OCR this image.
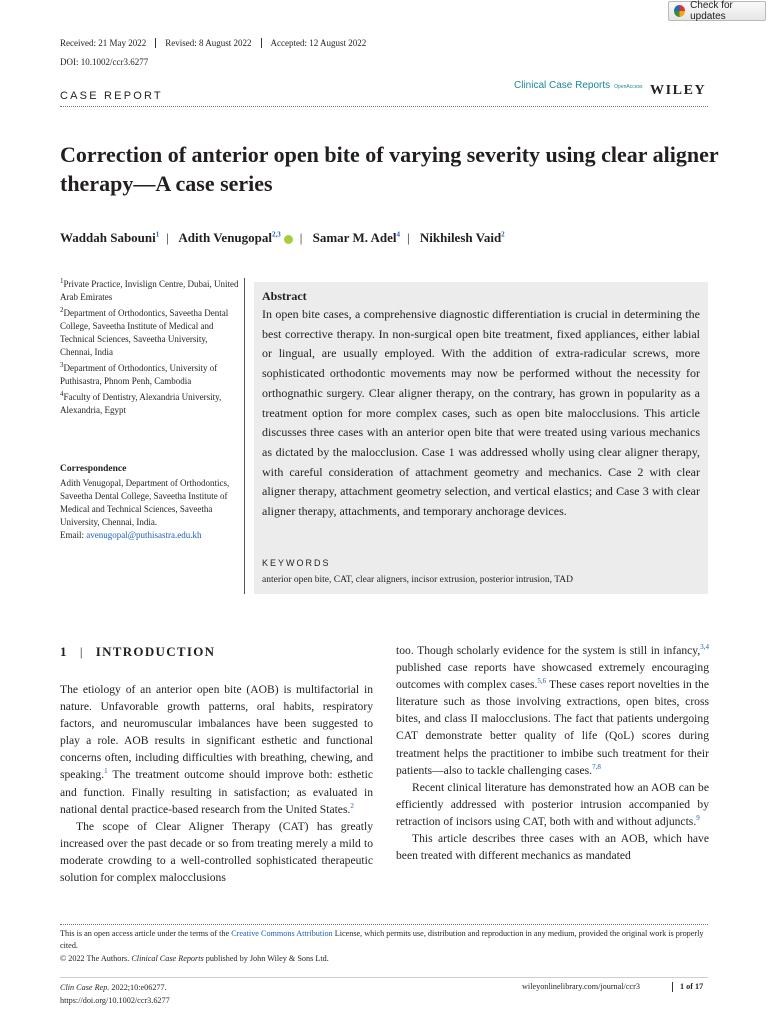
Check for updates
Received: 21 May 2022	Revised: 8 August 2022	Accepted: 12 August 2022
DOI: 10.1002/ccr3.6277
CASE REPORT
Clinical Case Reports OpenAccess WILEY
Correction of anterior open bite of varying severity using clear aligner therapy—A case series
Waddah Sabouni$^1$ | Adith Venugopal$^{2,3}$ | Samar M. Adel$^4$ | Nikhilesh Vaid$^2$
$^1$Private Practice, Invislign Centre, Dubai, United Arab Emirates
$^2$Department of Orthodontics, Saveetha Dental College, Saveetha Institute of Medical and Technical Sciences, Saveetha University, Chennai, India
$^3$Department of Orthodontics, University of Puthisastra, Phnom Penh, Cambodia
$^4$Faculty of Dentistry, Alexandria University, Alexandria, Egypt
Correspondence
Adith Venugopal, Department of Orthodontics, Saveetha Dental College, Saveetha Institute of Medical and Technical Sciences, Saveetha University, Chennai, India.
Email: avenugopal@puthisastra.edu.kh
Abstract
In open bite cases, a comprehensive diagnostic differentiation is crucial in determining the best corrective therapy. In non-surgical open bite treatment, fixed appliances, either labial or lingual, are usually employed. With the addition of extra-radicular screws, more sophisticated orthodontic movements may now be performed without the necessity for orthognathic surgery. Clear aligner therapy, on the contrary, has grown in popularity as a treatment option for more complex cases, such as open bite malocclusions. This article discusses three cases with an anterior open bite that were treated using various mechanics as dictated by the malocclusion. Case 1 was addressed wholly using clear aligner therapy, with careful consideration of attachment geometry and mechanics. Case 2 with clear aligner therapy, attachment geometry selection, and vertical elastics; and Case 3 with clear aligner therapy, attachments, and temporary anchorage devices.
KEYWORDS
anterior open bite, CAT, clear aligners, incisor extrusion, posterior intrusion, TAD
1 | INTRODUCTION

The etiology of an anterior open bite (AOB) is multifactorial in nature. Unfavorable growth patterns, oral habits, respiratory factors, and neuromuscular imbalances have been suggested to play a role. AOB results in significant esthetic and functional concerns often, including difficulties with breathing, chewing, and speaking.$^1$ The treatment outcome should improve both: esthetic and function. Finally resulting in satisfaction; as evaluated in national dental practice-based research from the United States.$^2$

The scope of Clear Aligner Therapy (CAT) has greatly increased over the past decade or so from treating merely a mild to moderate crowding to a well-controlled sophisticated therapeutic solution for complex malocclusions

too. Though scholarly evidence for the system is still in infancy,$^{3,4}$ published case reports have showcased extremely encouraging outcomes with complex cases.$^{5,6}$ These cases report novelties in the literature such as those involving extractions, open bites, cross bites, and class II malocclusions. The fact that patients undergoing CAT demonstrate better quality of life (QoL) scores during treatment helps the practitioner to imbibe such treatment for their patients—also to tackle challenging cases.$^{7,8}$

Recent clinical literature has demonstrated how an AOB can be efficiently addressed with posterior intrusion accompanied by retraction of incisors using CAT, both with and without adjuncts.$^9$

This article describes three cases with an AOB, which have been treated with different mechanics as mandated

This is an open access article under the terms of the Creative Commons Attribution License, which permits use, distribution and reproduction in any medium, provided the original work is properly cited.
© 2022 The Authors. Clinical Case Reports published by John Wiley & Sons Ltd.
Clin Case Rep. 2022;10:e06277.
https://doi.org/10.1002/ccr3.6277
wileyonlinelibrary.com/journal/ccr3	1 of 17
